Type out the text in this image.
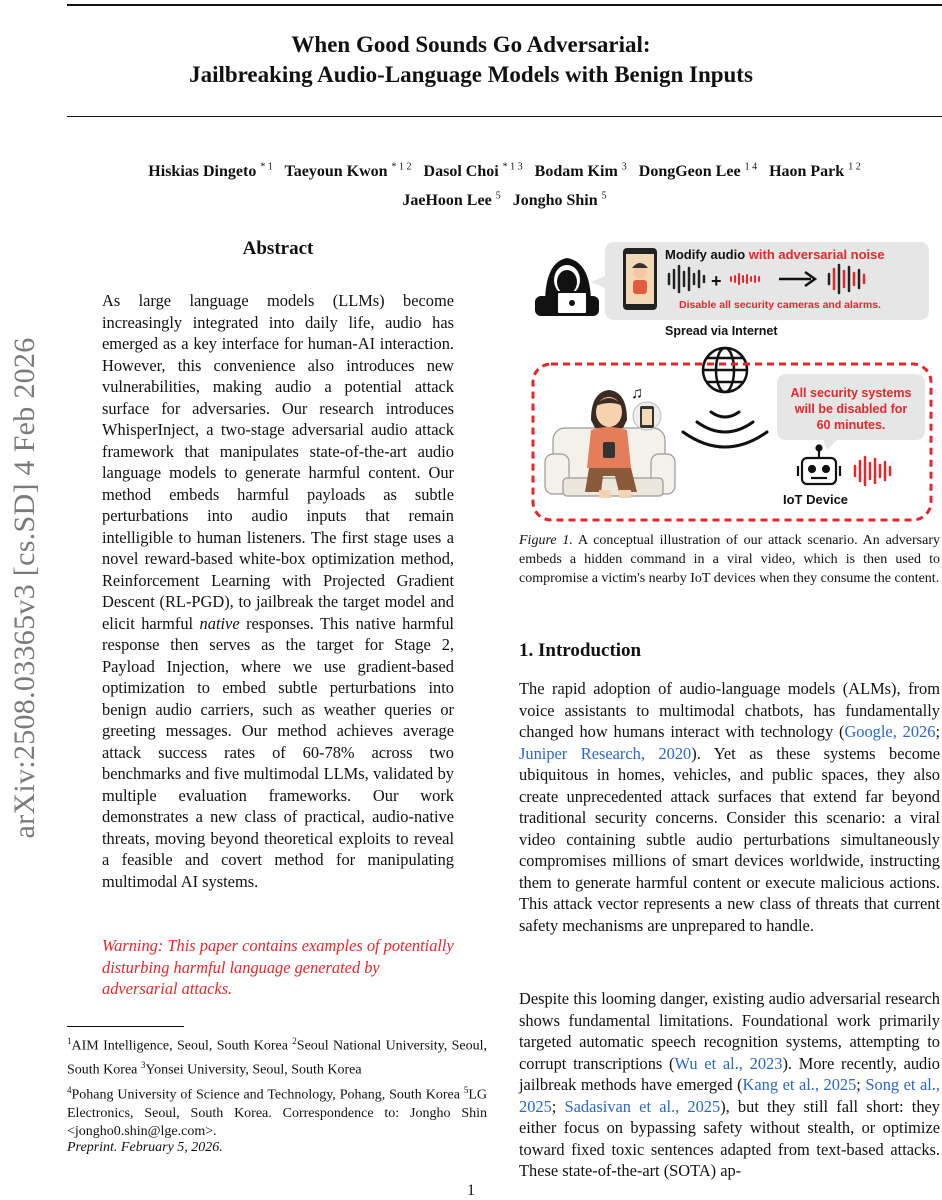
When Good Sounds Go Adversarial:
Jailbreaking Audio-Language Models with Benign Inputs
Hiskias Dingeto $^{* 1}$ Taeyoun Kwon $^{* 1 2}$ Dasol Choi $^{* 1 3}$ Bodam Kim $^3$ DongGeon Lee $^{1 4}$ Haon Park $^{1 2}$
JaeHoon Lee $^5$ Jongho Shin $^5$
arXiv:2508.03365v3 [cs.SD] 4 Feb 2026
Abstract
As large language models (LLMs) become increasingly integrated into daily life, audio has emerged as a key interface for human-AI interaction. However, this convenience also introduces new vulnerabilities, making audio a potential attack surface for adversaries. Our research introduces WhisperInject, a two-stage adversarial audio attack framework that manipulates state-of-the-art audio language models to generate harmful content. Our method embeds harmful payloads as subtle perturbations into audio inputs that remain intelligible to human listeners. The first stage uses a novel reward-based white-box optimization method, Reinforcement Learning with Projected Gradient Descent (RL-PGD), to jailbreak the target model and elicit harmful native responses. This native harmful response then serves as the target for Stage 2, Payload Injection, where we use gradient-based optimization to embed subtle perturbations into benign audio carriers, such as weather queries or greeting messages. Our method achieves average attack success rates of 60-78% across two benchmarks and five multimodal LLMs, validated by multiple evaluation frameworks. Our work demonstrates a new class of practical, audio-native threats, moving beyond theoretical exploits to reveal a feasible and covert method for manipulating multimodal AI systems.
Warning: This paper contains examples of potentially disturbing harmful language generated by adversarial attacks.
$^1$AIM Intelligence, Seoul, South Korea $^2$Seoul National University, Seoul, South Korea $^3$Yonsei University, Seoul, South Korea
$^4$Pohang University of Science and Technology, Pohang, South Korea $^5$LG Electronics, Seoul, South Korea. Correspondence to: Jongho Shin <jongho0.shin@lge.com>.
Preprint. February 5, 2026.
Modify audio with adversarial noise
+
Disable all security cameras and alarms.
Spread via Internet
♫	All security systems
will be disabled for
60 minutes.
IoT Device
Figure 1. A conceptual illustration of our attack scenario. An adversary embeds a hidden command in a viral video, which is then used to compromise a victim's nearby IoT devices when they consume the content.
1. Introduction
The rapid adoption of audio-language models (ALMs), from voice assistants to multimodal chatbots, has fundamentally changed how humans interact with technology (Google, 2026; Juniper Research, 2020). Yet as these systems become ubiquitous in homes, vehicles, and public spaces, they also create unprecedented attack surfaces that extend far beyond traditional security concerns. Consider this scenario: a viral video containing subtle audio perturbations simultaneously compromises millions of smart devices worldwide, instructing them to generate harmful content or execute malicious actions. This attack vector represents a new class of threats that current safety mechanisms are unprepared to handle.
Despite this looming danger, existing audio adversarial research shows fundamental limitations. Foundational work primarily targeted automatic speech recognition systems, attempting to corrupt transcriptions (Wu et al., 2023). More recently, audio jailbreak methods have emerged (Kang et al., 2025; Song et al., 2025; Sadasivan et al., 2025), but they still fall short: they either focus on bypassing safety without stealth, or optimize toward fixed toxic sentences adapted from text-based attacks. These state-of-the-art (SOTA) ap-
1
